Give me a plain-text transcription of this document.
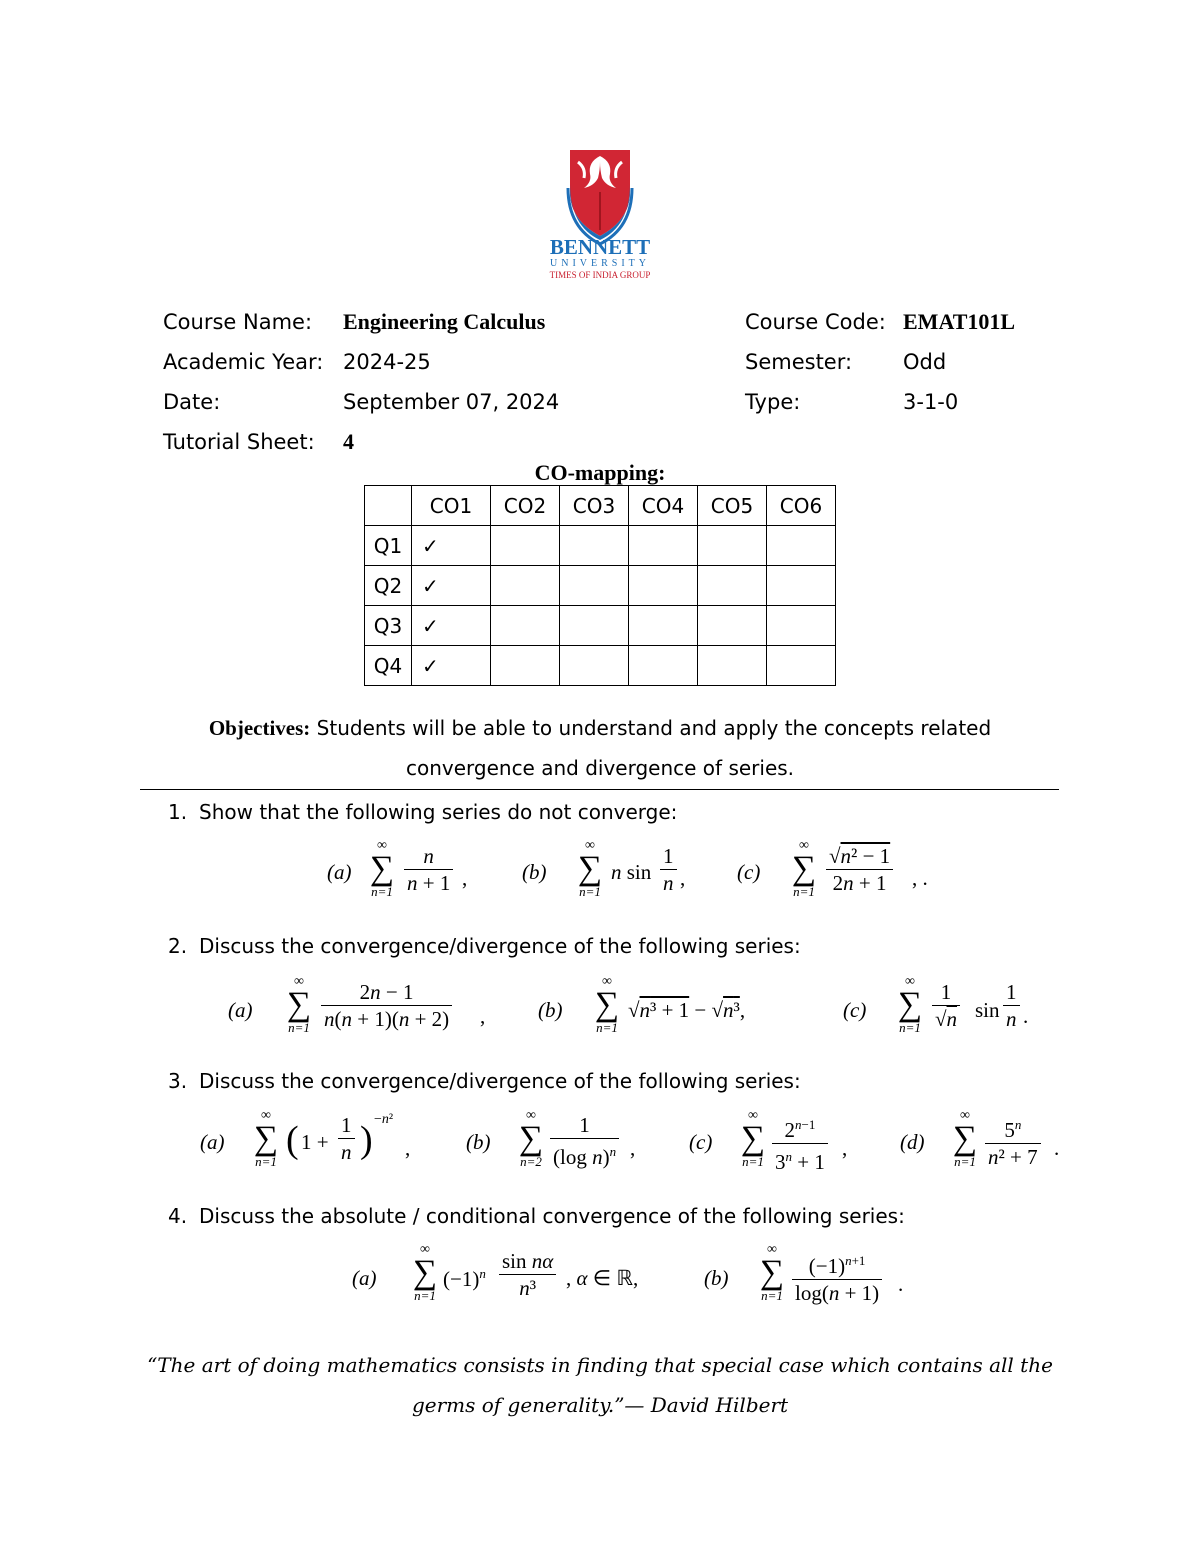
BENNETT
UNIVERSITY
TIMES OF INDIA GROUP
Course Name: Engineering Calculus	Course Code: EMAT101L
Academic Year: 2024-25	Semester: Odd
Date:	September 07, 2024	Type:	3-1-0
Tutorial Sheet: 4
CO-mapping:
	CO1	CO2	CO3	CO4	CO5	CO6
Q1	✓					
Q2	✓					
Q3	✓					
Q4	✓					
Objectives: Students will be able to understand and apply the concepts related
convergence and divergence of series.
1. Show that the following series do not converge:
(a)
∞
∑
$n=1 \frac{n}{n + 1}$ ,	(b)
∞
∑
n=1
n $\sin \frac{1}{n}$ , (c)
∞
∑
$n=1 \frac{\text{√n² − 1}}{2n + 1}$ , .
2. Discuss the convergence/divergence of the following series:
(a)
∞
∑
$n=1 \frac{2n - 1}{n(n + 1)(n + 2)}$ ,	(b)
∞
∑
n=1
√n³ + 1 − √n³,	(c)
∞
∑
$n=1 \frac{1}{√n}$ $\sin \frac{1}{n}$ .
3. Discuss the convergence/divergence of the following series:
(a)
∞
∑
n=1
( $1 + \frac{1}{n}$ ) −n²
,	(b)
∞
∑
$n=2 \frac{1}{(\log n)^n}$ ,	(c)
∞
∑
$n=1 \frac{2^{n-1}}{3^n + 1}$ ,	(d)
∞
∑
$n=1 \frac{5^n}{\text{n² + 7}}$ .
4. Discuss the absolute / conditional convergence of the following series:
(a)
∞
∑
n=1
$(-1)^n \frac{\text{sin nα}}{\text{n³}}$ , α ∈ ℝ,	(b)
∞
∑
$n=1 \frac{(-1)^{n+1}}{\log(n + 1)}$ .
“The art of doing mathematics consists in finding that special case which contains all the
germs of generality.”— David Hilbert
